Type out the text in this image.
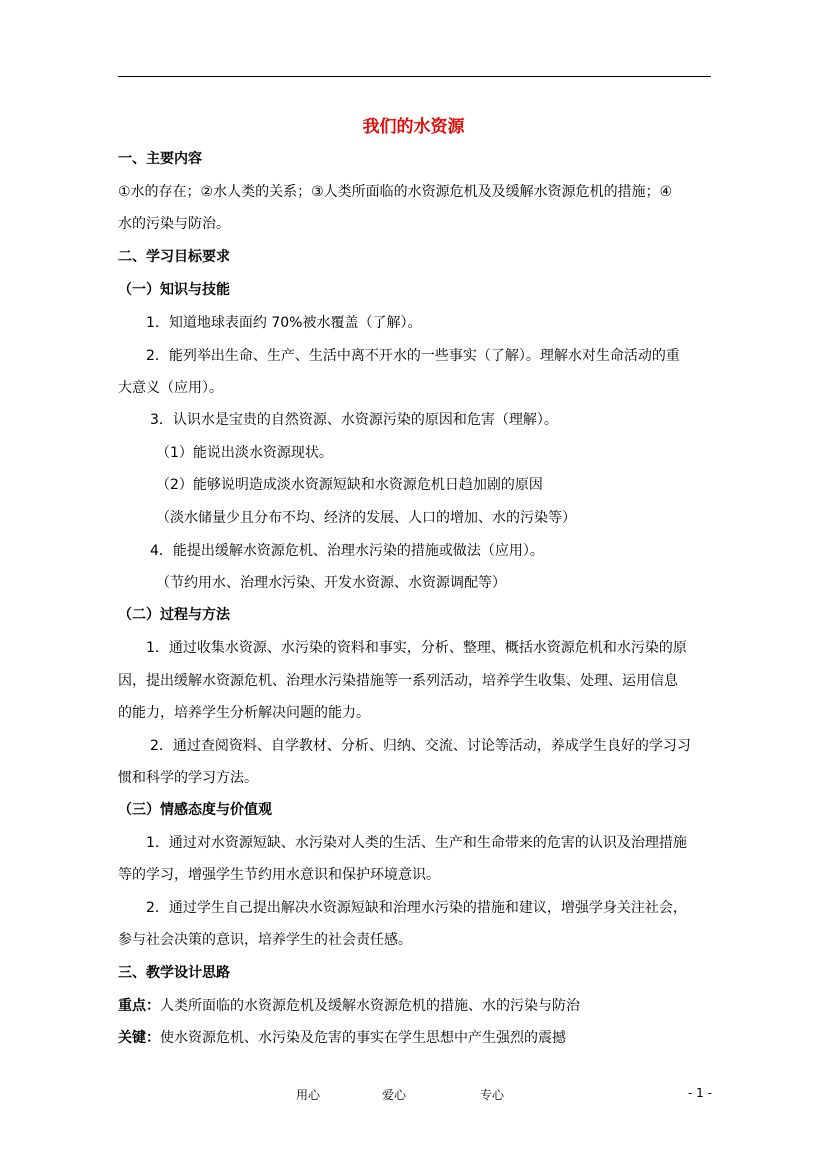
我们的水资源
一、主要内容
①水的存在；②水人类的关系；③人类所面临的水资源危机及及缓解水资源危机的措施；④
水的污染与防治。
二、学习目标要求
（一）知识与技能
1．知道地球表面约 70%被水覆盖（了解）。
2．能列举出生命、生产、生活中离不开水的一些事实（了解）。理解水对生命活动的重
大意义（应用）。
3．认识水是宝贵的自然资源、水资源污染的原因和危害（理解）。
（1）能说出淡水资源现状。
（2）能够说明造成淡水资源短缺和水资源危机日趋加剧的原因
（淡水储量少且分布不均、经济的发展、人口的增加、水的污染等）
4．能提出缓解水资源危机、治理水污染的措施或做法（应用）。
（节约用水、治理水污染、开发水资源、水资源调配等）
（二）过程与方法
1．通过收集水资源、水污染的资料和事实，分析、整理、概括水资源危机和水污染的原
因，提出缓解水资源危机、治理水污染措施等一系列活动，培养学生收集、处理、运用信息
的能力，培养学生分析解决问题的能力。
2．通过查阅资料、自学教材、分析、归纳、交流、讨论等活动，养成学生良好的学习习
惯和科学的学习方法。
（三）情感态度与价值观
1．通过对水资源短缺、水污染对人类的生活、生产和生命带来的危害的认识及治理措施
等的学习，增强学生节约用水意识和保护环境意识。
2．通过学生自己提出解决水资源短缺和治理水污染的措施和建议，增强学身关注社会，
参与社会决策的意识，培养学生的社会责任感。
三、教学设计思路
重点：人类所面临的水资源危机及缓解水资源危机的措施、水的污染与防治
关键：使水资源危机、水污染及危害的事实在学生思想中产生强烈的震撼
用心	爱心	专心	- 1 -
